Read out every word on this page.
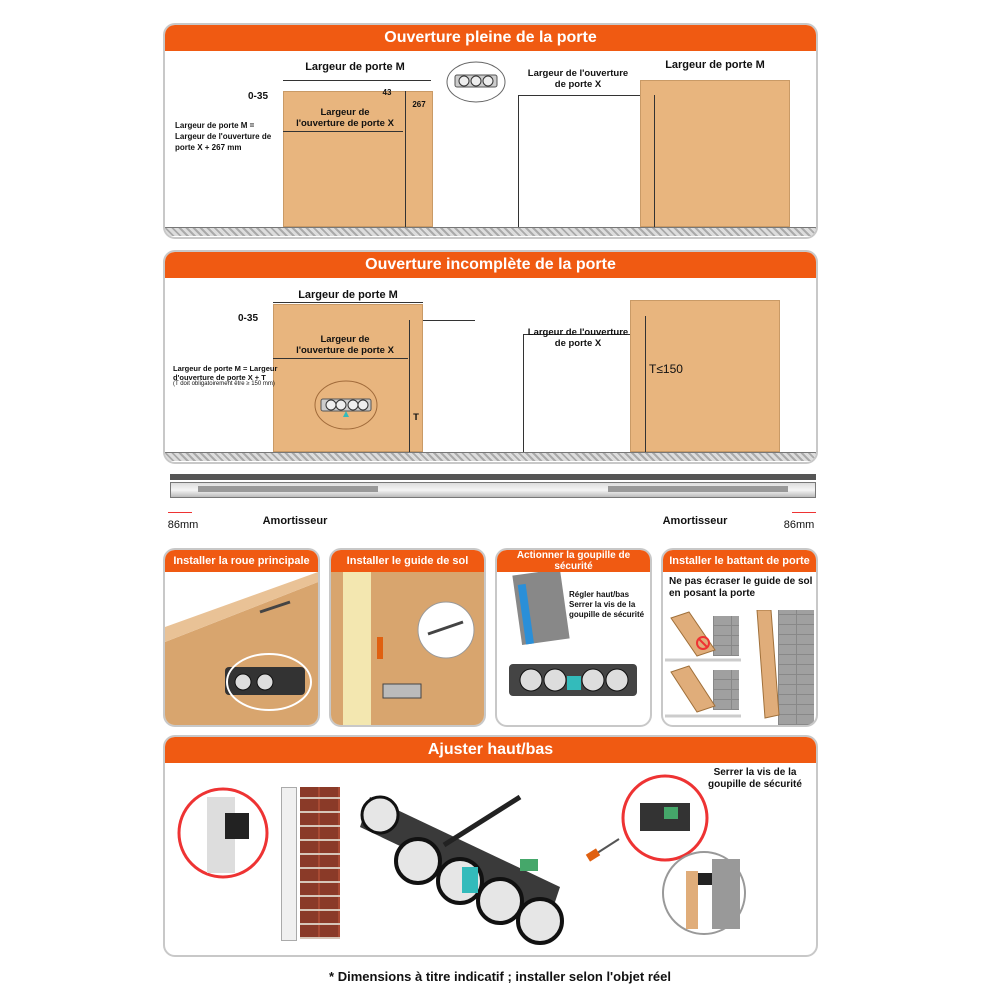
Ouverture pleine de la porte
Largeur de porte M
0-35	43
267
Largeur de l'ouverture de porte X
Largeur de porte M = Largeur de l'ouverture de porte X + 267 mm
Largeur de l'ouverture de porte X
Largeur de porte M
Ouverture incomplète de la porte
Largeur de porte M
0-35
Largeur de l'ouverture de porte X
T
Largeur de porte M = Largeur d'ouverture de porte X + T
(T doit obligatoirement être ≥ 150 mm)
Largeur de l'ouverture de porte X
T≤150
86mm	86mm
Amortisseur	Amortisseur
Installer la roue principale	Installer le guide de sol	Actionner la goupille de sécurité
Régler haut/bas Serrer la vis de la goupille de sécurité
Installer le battant de porte
Ne pas écraser le guide de sol en posant la porte
Ajuster haut/bas
Serrer la vis de la goupille de sécurité
* Dimensions à titre indicatif ; installer selon l'objet réel
